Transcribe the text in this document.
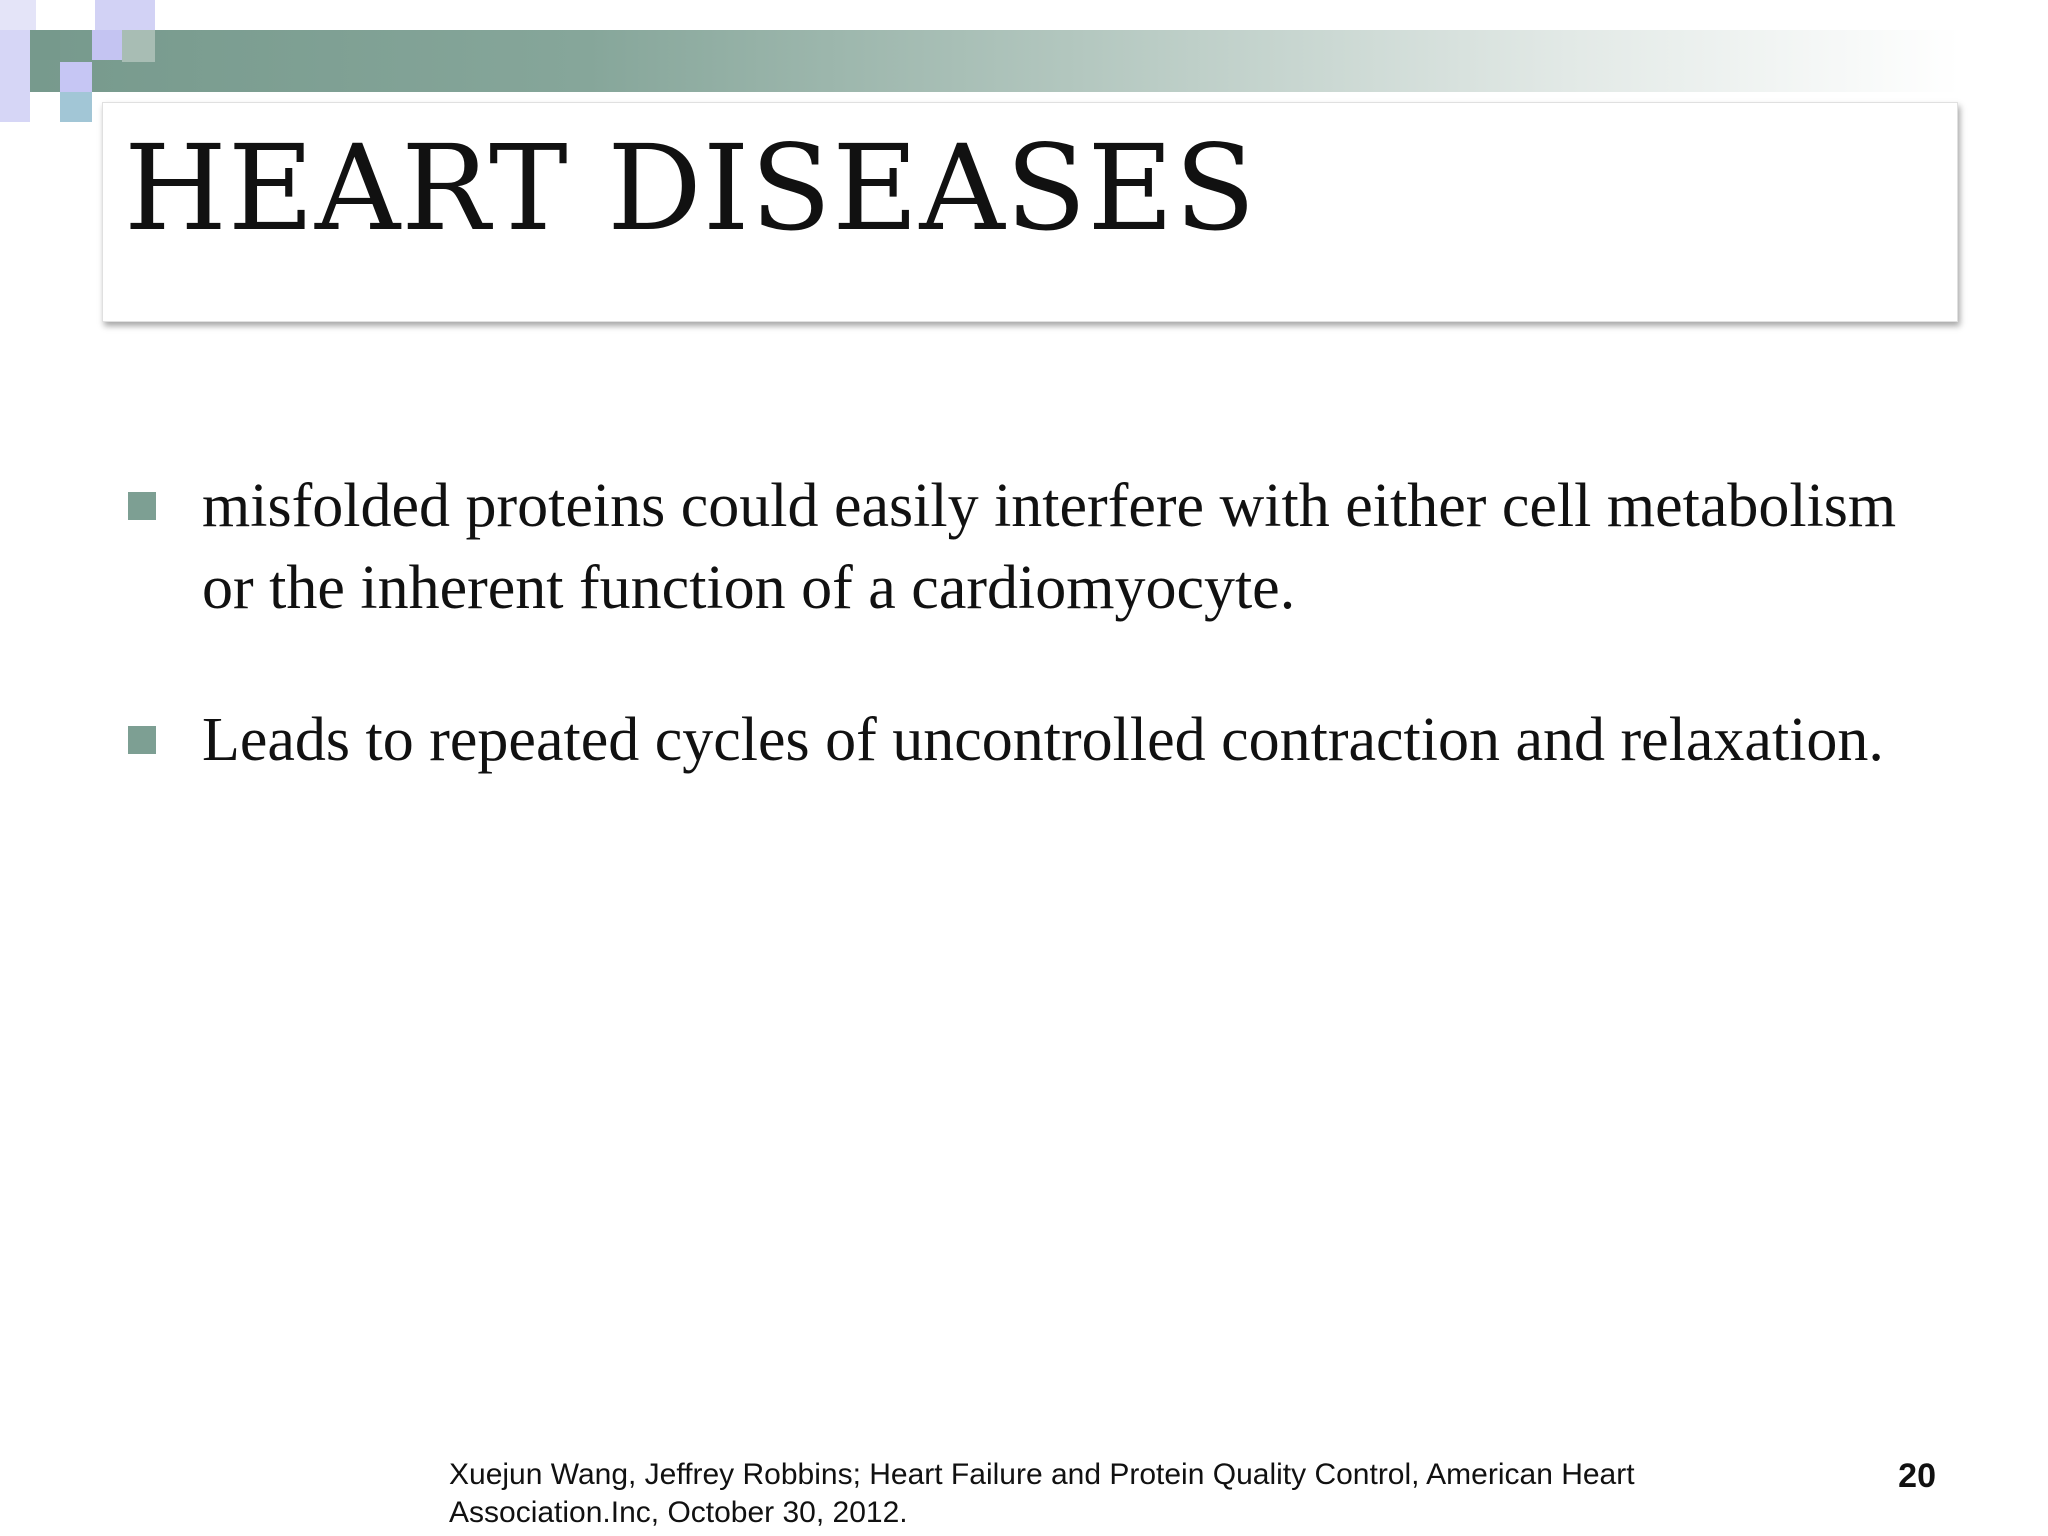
HEART DISEASES
misfolded proteins could easily interfere with either cell metabolism or the inherent function of a cardiomyocyte.
Leads to repeated cycles of uncontrolled contraction and relaxation.

Xuejun Wang, Jeffrey Robbins; Heart Failure and Protein Quality Control, American Heart Association.Inc, October 30, 2012.

20
